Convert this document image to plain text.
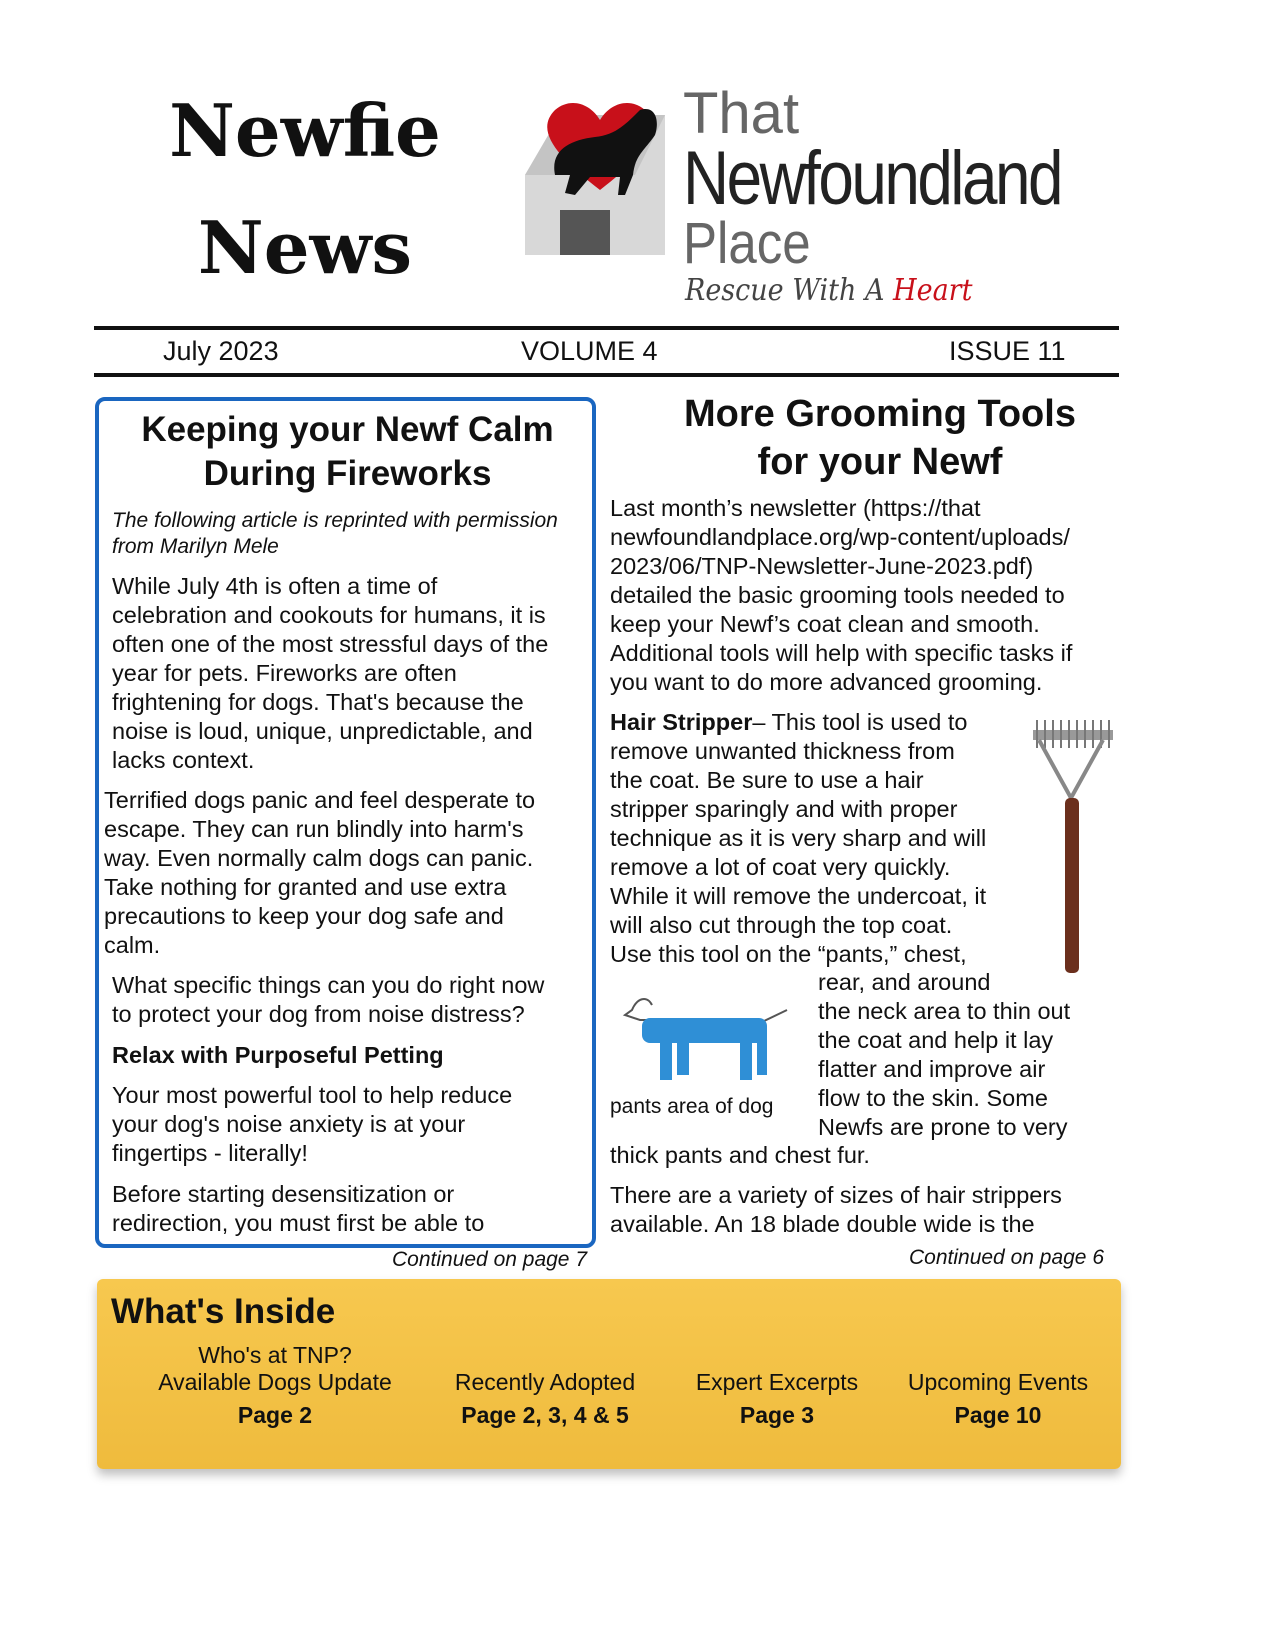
Newfie
News
That
Newfoundland
Place
Rescue With A Heart
July 2023	VOLUME 4	ISSUE 11
Keeping your Newf Calm
During Fireworks
The following article is reprinted with permission
from Marilyn Mele
While July 4th is often a time of
celebration and cookouts for humans, it is
often one of the most stressful days of the
year for pets. Fireworks are often
frightening for dogs. That's because the
noise is loud, unique, unpredictable, and
lacks context.
Terrified dogs panic and feel desperate to
escape. They can run blindly into harm's
way. Even normally calm dogs can panic.
Take nothing for granted and use extra
precautions to keep your dog safe and
calm.
What specific things can you do right now
to protect your dog from noise distress?
Relax with Purposeful Petting
Your most powerful tool to help reduce
your dog's noise anxiety is at your
fingertips - literally!
Before starting desensitization or
redirection, you must first be able to
Continued on page 7
More Grooming Tools
for your Newf
Last month’s newsletter (https://that
newfoundlandplace.org/wp-content/uploads/
2023/06/TNP-Newsletter-June-2023.pdf)
detailed the basic grooming tools needed to
keep your Newf’s coat clean and smooth.
Additional tools will help with specific tasks if
you want to do more advanced grooming.
Hair Stripper– This tool is used to
remove unwanted thickness from
the coat. Be sure to use a hair
stripper sparingly and with proper
technique as it is very sharp and will
remove a lot of coat very quickly.
While it will remove the undercoat, it
will also cut through the top coat.
Use this tool on the “pants,” chest,
rear, and around
the neck area to thin out
the coat and help it lay
flatter and improve air
flow to the skin. Some
Newfs are prone to very
thick pants and chest fur.
There are a variety of sizes of hair strippers
available. An 18 blade double wide is the
Continued on page 6
pants area of dog
What's Inside
Who's at TNP?
Available Dogs Update
Page 2
Recently Adopted
Page 2, 3, 4 & 5
Expert Excerpts
Page 3
Upcoming Events
Page 10
